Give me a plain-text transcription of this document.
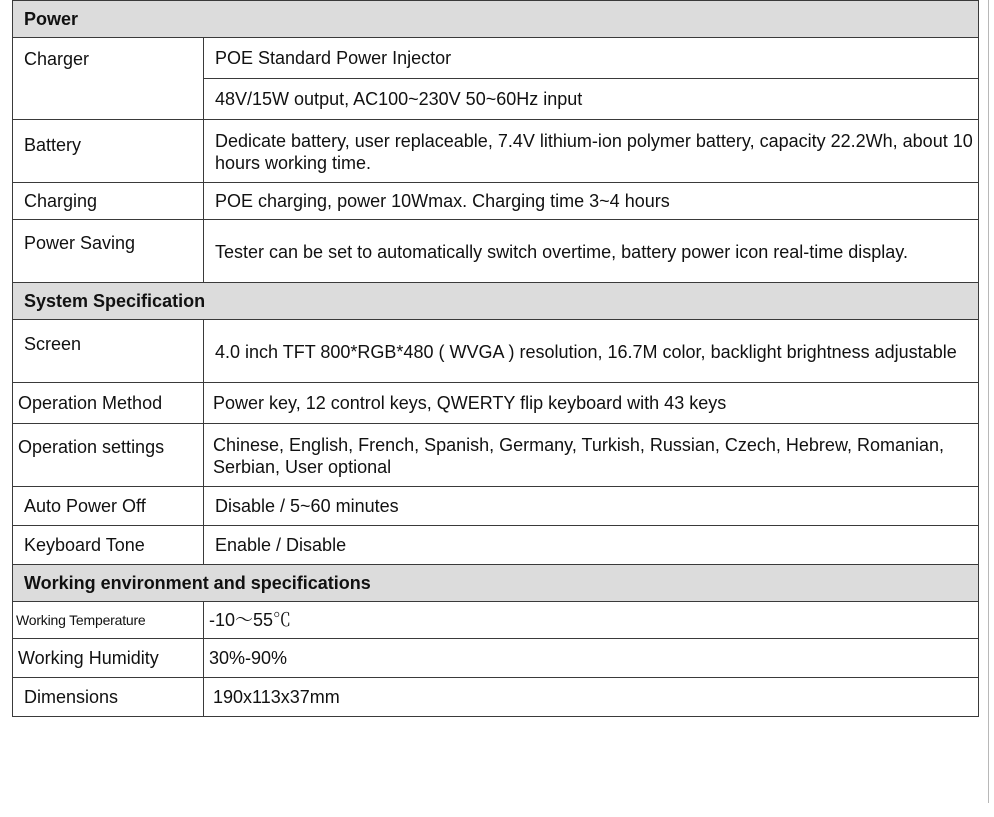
Power	
Charger	POE Standard Power Injector
	48V/15W output, AC100~230V 50~60Hz input
Battery	Dedicate battery, user replaceable, 7.4V lithium-ion polymer battery, capacity 22.2Wh, about 10 hours working time.
Charging	POE charging, power 10Wmax. Charging time 3~4 hours
Power Saving	Tester can be set to automatically switch overtime, battery power icon real-time display.
System Specification	
Screen	4.0 inch TFT 800*RGB*480 ( WVGA ) resolution, 16.7M color, backlight brightness adjustable
Operation Method	Power key, 12 control keys, QWERTY flip keyboard with 43 keys
Operation settings	Chinese, English, French, Spanish, Germany, Turkish, Russian, Czech, Hebrew, Romanian, Serbian, User optional
Auto Power Off	Disable / 5~60 minutes
Keyboard Tone	Enable / Disable
Working environment and specifications	
Working Temperature	-10～55℃
Working Humidity	30%-90%
Dimensions	190x113x37mm
